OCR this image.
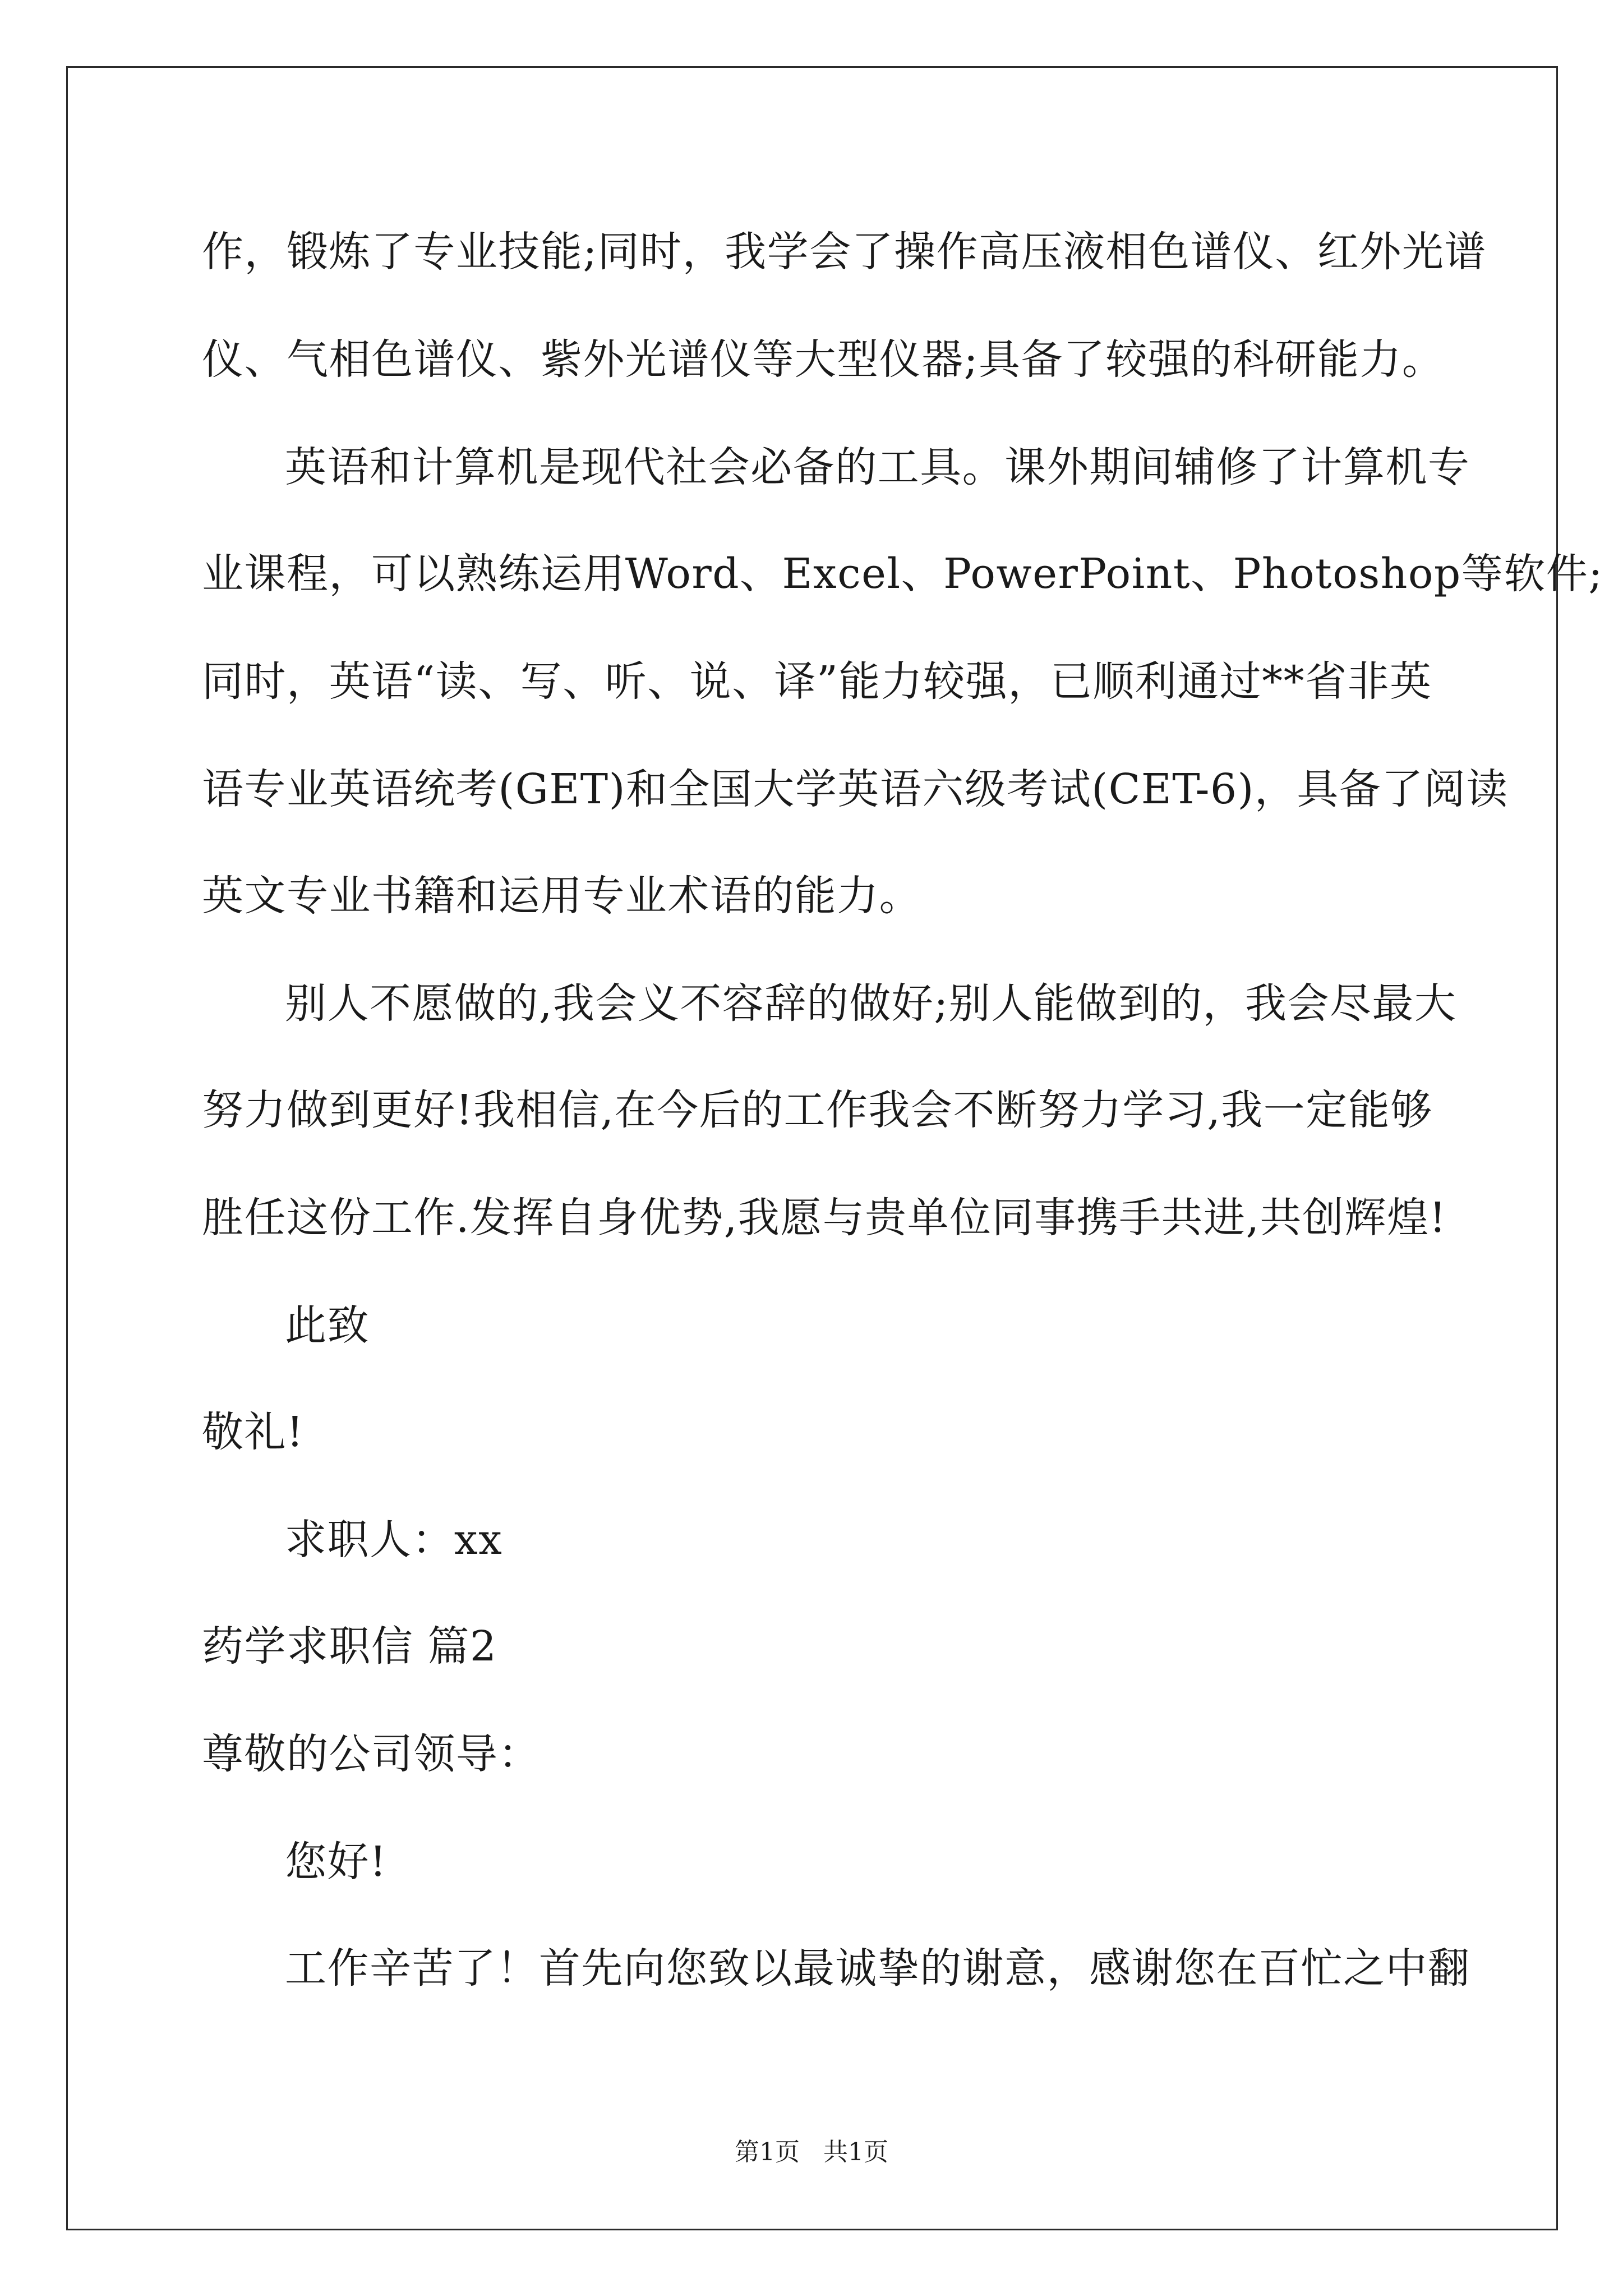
作，锻炼了专业技能;同时，我学会了操作高压液相色谱仪、红外光谱
仪、气相色谱仪、紫外光谱仪等大型仪器;具备了较强的科研能力。
英语和计算机是现代社会必备的工具。课外期间辅修了计算机专
业课程，可以熟练运用Word、Excel、PowerPoint、Photoshop等软件;
同时，英语“读、写、听、说、译”能力较强，已顺利通过**省非英
语专业英语统考(GET)和全国大学英语六级考试(CET-6)，具备了阅读
英文专业书籍和运用专业术语的能力。
别人不愿做的,我会义不容辞的做好;别人能做到的，我会尽最大
努力做到更好!我相信,在今后的工作我会不断努力学习,我一定能够
胜任这份工作.发挥自身优势,我愿与贵单位同事携手共进,共创辉煌!
此致
敬礼!
求职人：xx
药学求职信 篇2
尊敬的公司领导：
您好!
工作辛苦了！首先向您致以最诚挚的谢意，感谢您在百忙之中翻
第1页   共1页
